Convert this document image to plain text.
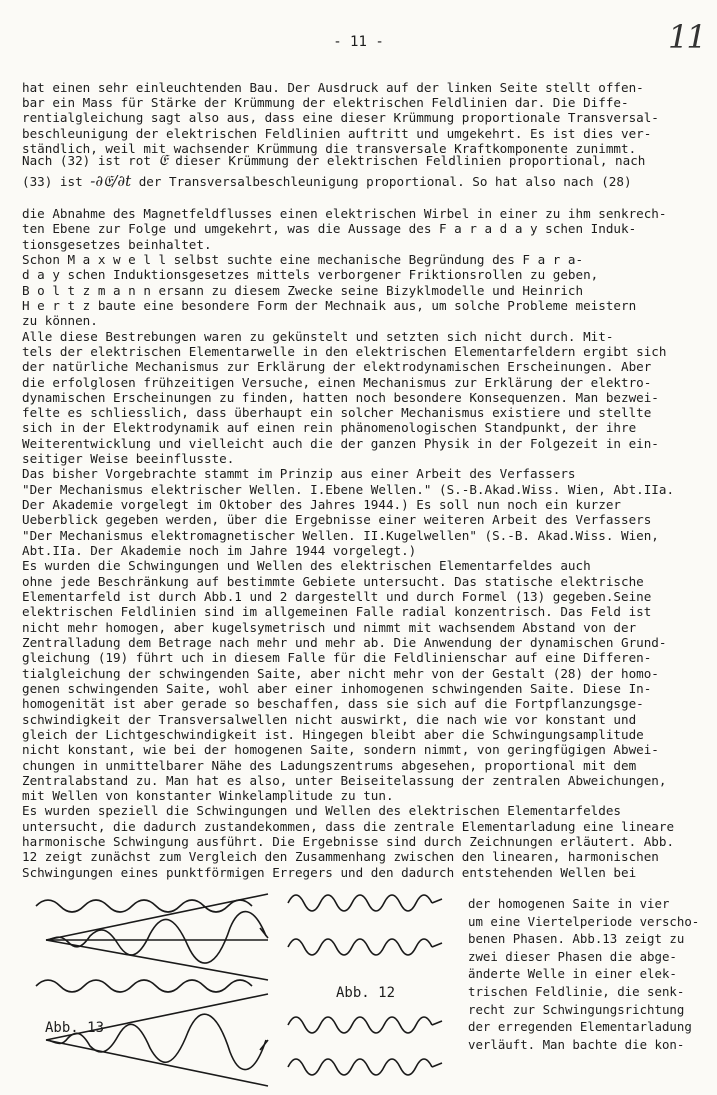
- 11 -	11
hat einen sehr einleuchtenden Bau. Der Ausdruck auf der linken Seite stellt offen-
bar ein Mass für Stärke der Krümmung der elektrischen Feldlinien dar. Die Diffe-
rentialgleichung sagt also aus, dass eine dieser Krümmung proportionale Transversal-
beschleunigung der elektrischen Feldlinien auftritt und umgekehrt. Es ist dies ver-
ständlich, weil mit wachsender Krümmung die transversale Kraftkomponente zunimmt.
Nach (32) ist rot 𝔈 dieser Krümmung der elektrischen Feldlinien proportional, nach
(33) ist -∂𝔈/∂t der Transversalbeschleunigung proportional. So hat also nach (28)
die Abnahme des Magnetfeldflusses einen elektrischen Wirbel in einer zu ihm senkrech-
ten Ebene zur Folge und umgekehrt, was die Aussage des F a r a d a y schen Induk-
tionsgesetzes beinhaltet.
Schon M a x w e l l selbst suchte eine mechanische Begründung des F a r a-
d a y schen Induktionsgesetzes mittels verborgener Friktionsrollen zu geben,
B o l t z m a n n ersann zu diesem Zwecke seine Bizyklmodelle und Heinrich
H e r t z baute eine besondere Form der Mechnaik aus, um solche Probleme meistern
zu können.
Alle diese Bestrebungen waren zu gekünstelt und setzten sich nicht durch. Mit-
tels der elektrischen Elementarwelle in den elektrischen Elementarfeldern ergibt sich
der natürliche Mechanismus zur Erklärung der elektrodynamischen Erscheinungen. Aber
die erfolglosen frühzeitigen Versuche, einen Mechanismus zur Erklärung der elektro-
dynamischen Erscheinungen zu finden, hatten noch besondere Konsequenzen. Man bezwei-
felte es schliesslich, dass überhaupt ein solcher Mechanismus existiere und stellte
sich in der Elektrodynamik auf einen rein phänomenologischen Standpunkt, der ihre
Weiterentwicklung und vielleicht auch die der ganzen Physik in der Folgezeit in ein-
seitiger Weise beeinflusste.
Das bisher Vorgebrachte stammt im Prinzip aus einer Arbeit des Verfassers
"Der Mechanismus elektrischer Wellen. I.Ebene Wellen." (S.-B.Akad.Wiss. Wien, Abt.IIa.
Der Akademie vorgelegt im Oktober des Jahres 1944.) Es soll nun noch ein kurzer
Ueberblick gegeben werden, über die Ergebnisse einer weiteren Arbeit des Verfassers
"Der Mechanismus elektromagnetischer Wellen. II.Kugelwellen" (S.-B. Akad.Wiss. Wien,
Abt.IIa. Der Akademie noch im Jahre 1944 vorgelegt.)
Es wurden die Schwingungen und Wellen des elektrischen Elementarfeldes auch
ohne jede Beschränkung auf bestimmte Gebiete untersucht. Das statische elektrische
Elementarfeld ist durch Abb.1 und 2 dargestellt und durch Formel (13) gegeben.Seine
elektrischen Feldlinien sind im allgemeinen Falle radial konzentrisch. Das Feld ist
nicht mehr homogen, aber kugelsymetrisch und nimmt mit wachsendem Abstand von der
Zentralladung dem Betrage nach mehr und mehr ab. Die Anwendung der dynamischen Grund-
gleichung (19) führt uch in diesem Falle für die Feldlinienschar auf eine Differen-
tialgleichung der schwingenden Saite, aber nicht mehr von der Gestalt (28) der homo-
genen schwingenden Saite, wohl aber einer inhomogenen schwingenden Saite. Diese In-
homogenität ist aber gerade so beschaffen, dass sie sich auf die Fortpflanzungsge-
schwindigkeit der Transversalwellen nicht auswirkt, die nach wie vor konstant und
gleich der Lichtgeschwindigkeit ist. Hingegen bleibt aber die Schwingungsamplitude
nicht konstant, wie bei der homogenen Saite, sondern nimmt, von geringfügigen Abwei-
chungen in unmittelbarer Nähe des Ladungszentrums abgesehen, proportional mit dem
Zentralabstand zu. Man hat es also, unter Beiseitelassung der zentralen Abweichungen,
mit Wellen von konstanter Winkelamplitude zu tun.
Es wurden speziell die Schwingungen und Wellen des elektrischen Elementarfeldes
untersucht, die dadurch zustandekommen, dass die zentrale Elementarladung eine lineare
harmonische Schwingung ausführt. Die Ergebnisse sind durch Zeichnungen erläutert. Abb.
12 zeigt zunächst zum Vergleich den Zusammenhang zwischen den linearen, harmonischen
Schwingungen eines punktförmigen Erregers und den dadurch entstehenden Wellen bei
Abb. 12
Abb. 13
der homogenen Saite in vier
um eine Viertelperiode verscho-
benen Phasen. Abb.13 zeigt zu
zwei dieser Phasen die abge-
änderte Welle in einer elek-
trischen Feldlinie, die senk-
recht zur Schwingungsrichtung
der erregenden Elementarladung
verläuft. Man bachte die kon-
